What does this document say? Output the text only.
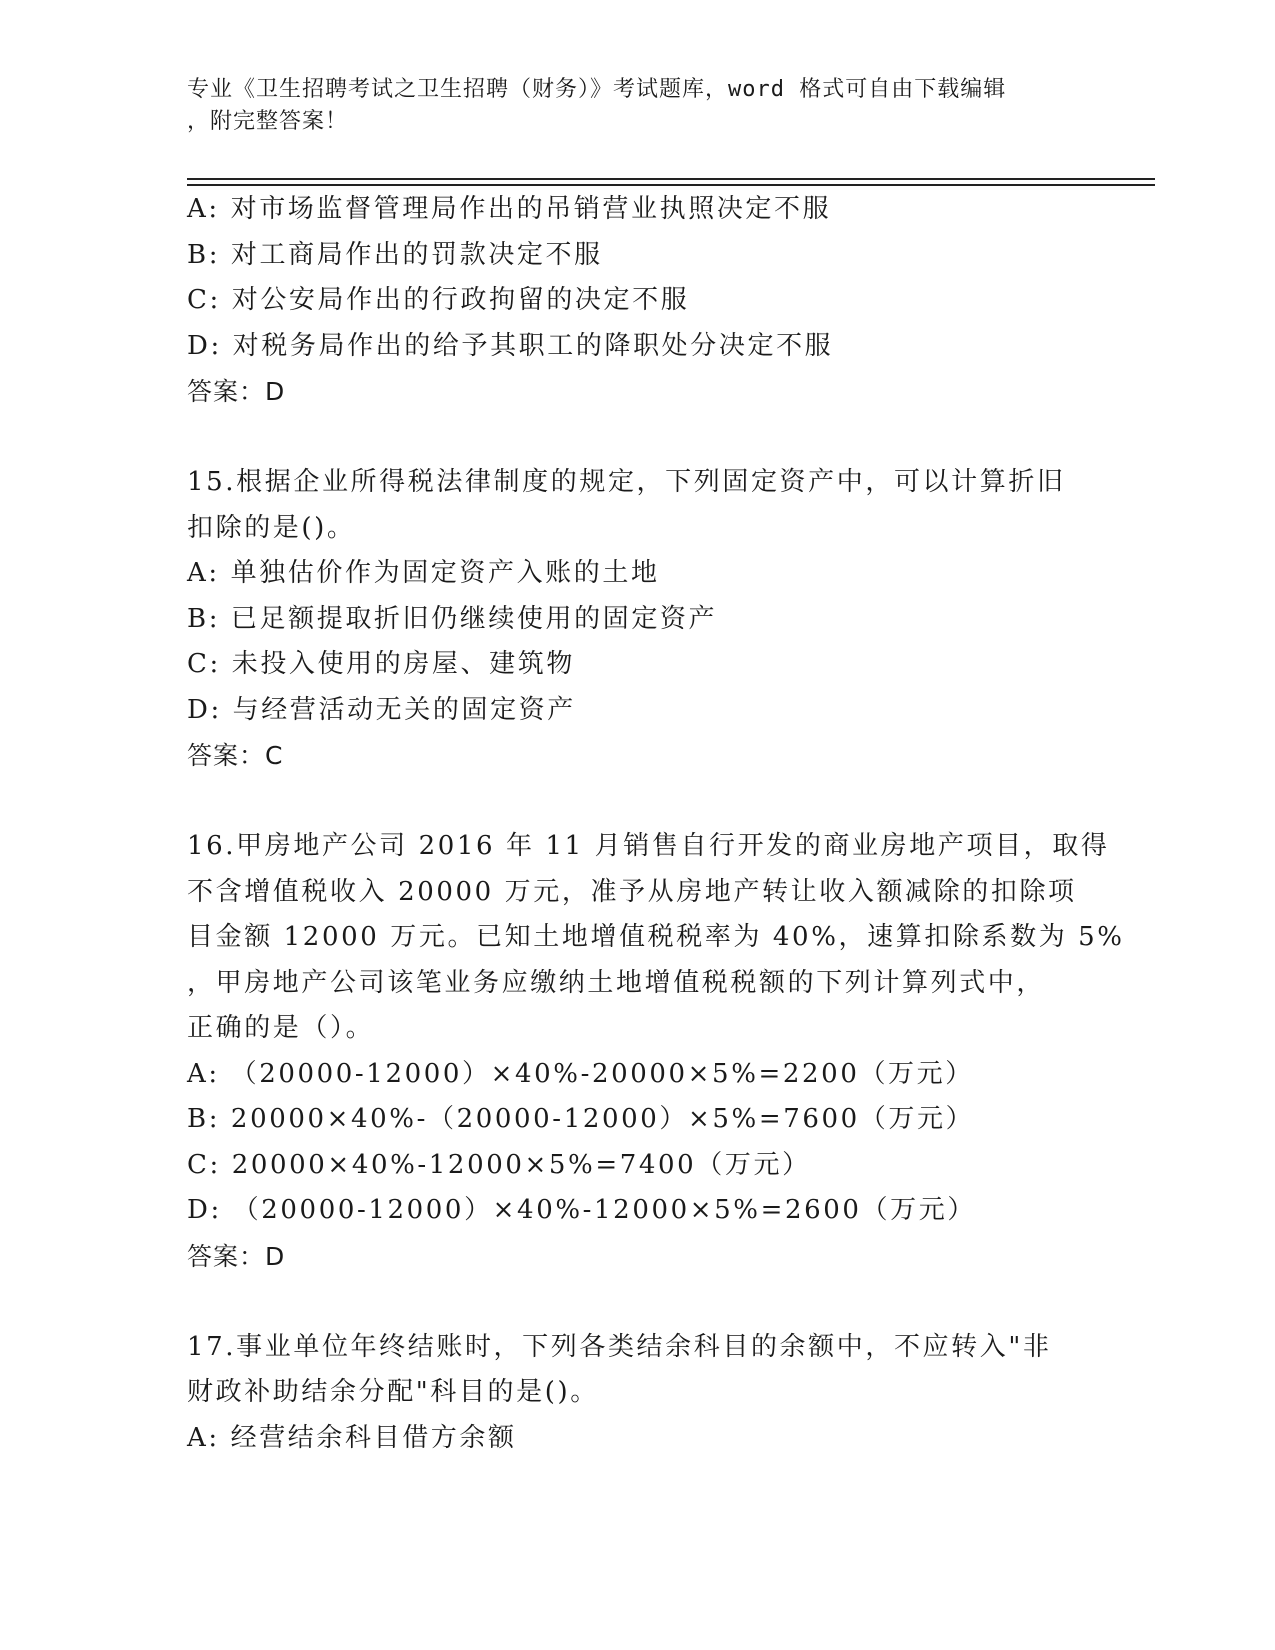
专业《卫生招聘考试之卫生招聘（财务）》考试题库，word 格式可自由下载编辑
，附完整答案！
A: 对市场监督管理局作出的吊销营业执照决定不服
B: 对工商局作出的罚款决定不服
C: 对公安局作出的行政拘留的决定不服
D: 对税务局作出的给予其职工的降职处分决定不服
答案：D
15.根据企业所得税法律制度的规定，下列固定资产中，可以计算折旧
扣除的是()。
A: 单独估价作为固定资产入账的土地
B: 已足额提取折旧仍继续使用的固定资产
C: 未投入使用的房屋、建筑物
D: 与经营活动无关的固定资产
答案：C
16.甲房地产公司 2016 年 11 月销售自行开发的商业房地产项目，取得
不含增值税收入 20000 万元，准予从房地产转让收入额减除的扣除项
目金额 12000 万元。已知土地增值税税率为 40%，速算扣除系数为 5%
，甲房地产公司该笔业务应缴纳土地增值税税额的下列计算列式中，
正确的是（）。
A: （20000-12000）×40%-20000×5%=2200（万元）
B: 20000×40%-（20000-12000）×5%=7600（万元）
C: 20000×40%-12000×5%=7400（万元）
D: （20000-12000）×40%-12000×5%=2600（万元）
答案：D
17.事业单位年终结账时，下列各类结余科目的余额中，不应转入"非
财政补助结余分配"科目的是()。
A: 经营结余科目借方余额
